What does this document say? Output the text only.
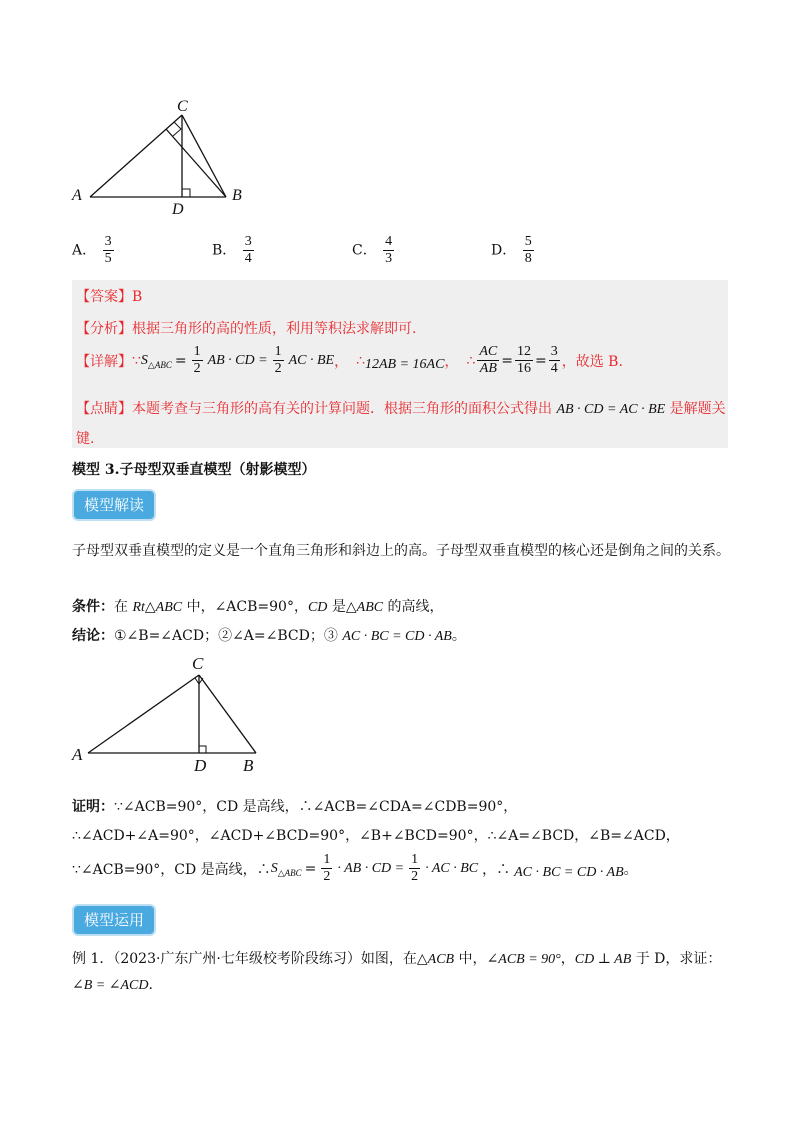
C
A	B
D
A． $\frac{3}{5}$	B． $\frac{3}{4}$	C． $\frac{4}{3}$	D． $\frac{5}{8}$
【答案】B
【分析】根据三角形的高的性质，利用等积法求解即可.
【详解】 ∵ S △ABC = $\frac{1}{2}$ AB · CD = $\frac{1}{2}$ AC · BE ， ∴ 12AB = 16AC ， ∴ $\frac{AC}{AB} = \frac{12}{16} = \frac{3}{4}$ ，故选 B.
【点睛】本题考查与三角形的高有关的计算问题．根据三角形的面积公式得出 AB · CD = AC · BE 是解题关
键.
模型 3.子母型双垂直模型（射影模型）
模型解读
子母型双垂直模型的定义是一个直角三角形和斜边上的高。子母型双垂直模型的核心还是倒角之间的关系。
条件：在 Rt△ABC 中，∠ACB=90°，CD 是△ABC 的高线，
结论：①∠B=∠ACD；②∠A=∠BCD；③ AC · BC = CD · AB。
C
A
D B
证明：∵∠ACB=90°，CD 是高线，∴∠ACB=∠CDA=∠CDB=90°，
∴∠ACD+∠A=90°，∠ACD+∠BCD=90°，∠B+∠BCD=90°，∴∠A=∠BCD，∠B=∠ACD，
∵∠ACB=90°，CD 是高线，∴ S △ABC = $\frac{1}{2}$ · AB · CD = $\frac{1}{2}$ · AC · BC ，∴ AC · BC = CD · AB 。
模型运用
例 1．（2023·广东广州·七年级校考阶段练习）如图，在△ACB 中，∠ACB = 90°，CD ⊥ AB 于 D，求证：
∠B = ∠ACD.
